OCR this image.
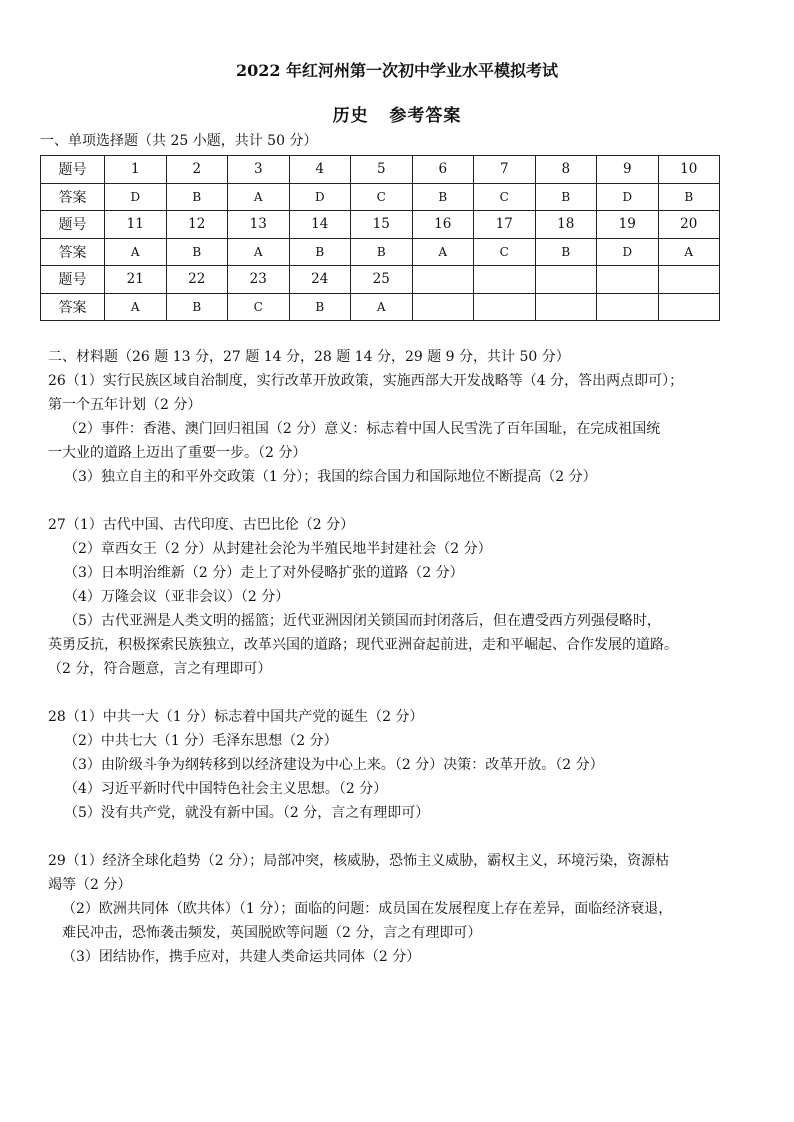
2022 年红河州第一次初中学业水平模拟考试
历史   参考答案
一、单项选择题（共 25 小题，共计 50 分）
题号	1	2	3	4	5	6	7	8	9	10
答案	D	B	A	D	C	B	C	B	D	B
题号	11	12	13	14	15	16	17	18	19	20
答案	A	B	A	B	B	A	C	B	D	A
题号	21	22	23	24	25					
答案	A	B	C	B	A					
二、材料题（26 题 13 分，27 题 14 分，28 题 14 分，29 题 9 分，共计 50 分）
26（1）实行民族区域自治制度，实行改革开放政策，实施西部大开发战略等（4 分，答出两点即可）；
第一个五年计划（2 分）
（2）事件：香港、澳门回归祖国（2 分）意义：标志着中国人民雪洗了百年国耻，在完成祖国统
一大业的道路上迈出了重要一步。（2 分）
（3）独立自主的和平外交政策（1 分）；我国的综合国力和国际地位不断提高（2 分）
27（1）古代中国、古代印度、古巴比伦（2 分）
（2）章西女王（2 分）从封建社会沦为半殖民地半封建社会（2 分）
（3）日本明治维新（2 分）走上了对外侵略扩张的道路（2 分）
（4）万隆会议（亚非会议）（2 分）
（5）古代亚洲是人类文明的摇篮；近代亚洲因闭关锁国而封闭落后，但在遭受西方列强侵略时，
英勇反抗，积极探索民族独立，改革兴国的道路；现代亚洲奋起前进，走和平崛起、合作发展的道路。
（2 分，符合题意，言之有理即可）
28（1）中共一大（1 分）标志着中国共产党的诞生（2 分）
（2）中共七大（1 分）毛泽东思想（2 分）
（3）由阶级斗争为纲转移到以经济建设为中心上来。（2 分）决策：改革开放。（2 分）
（4）习近平新时代中国特色社会主义思想。（2 分）
（5）没有共产党，就没有新中国。（2 分，言之有理即可）
29（1）经济全球化趋势（2 分）；局部冲突，核威胁，恐怖主义威胁，霸权主义，环境污染，资源枯
竭等（2 分）
（2）欧洲共同体（欧共体）（1 分）；面临的问题：成员国在发展程度上存在差异，面临经济衰退，
难民冲击，恐怖袭击频发，英国脱欧等问题（2 分，言之有理即可）
（3）团结协作，携手应对，共建人类命运共同体（2 分）
